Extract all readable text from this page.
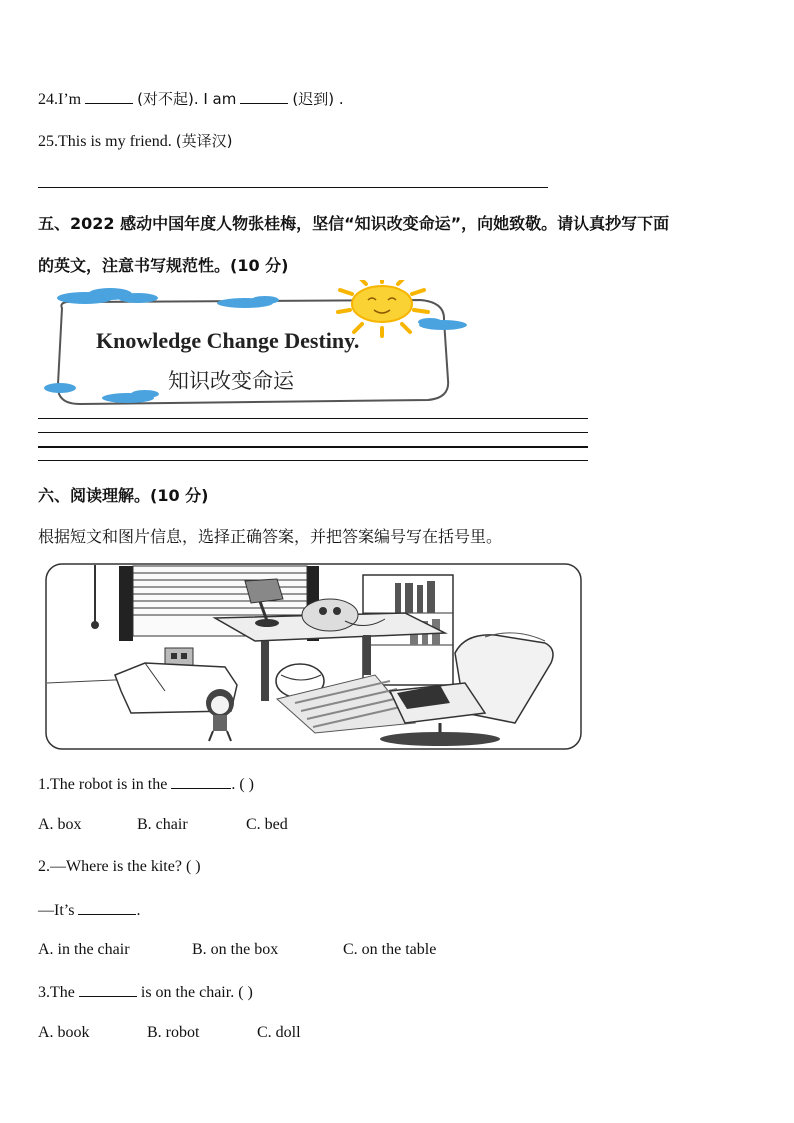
24.I’m	(对不起). I am	(迟到) .
25.This is my friend. (英译汉)
五、2022 感动中国年度人物张桂梅，坚信“知识改变命运”，向她致敬。请认真抄写下面
的英文，注意书写规范性。(10 分)
Knowledge Change Destiny.
知识改变命运
六、阅读理解。(10 分)
根据短文和图片信息，选择正确答案，并把答案编号写在括号里。
1.The robot is in the	. ( )
A. box	B. chair	C. bed
2.—Where is the kite? ( )
—It’s	.
A. in the chair	B. on the box	C. on the table
3.The	is on the chair. ( )
A. book	B. robot	C. doll
